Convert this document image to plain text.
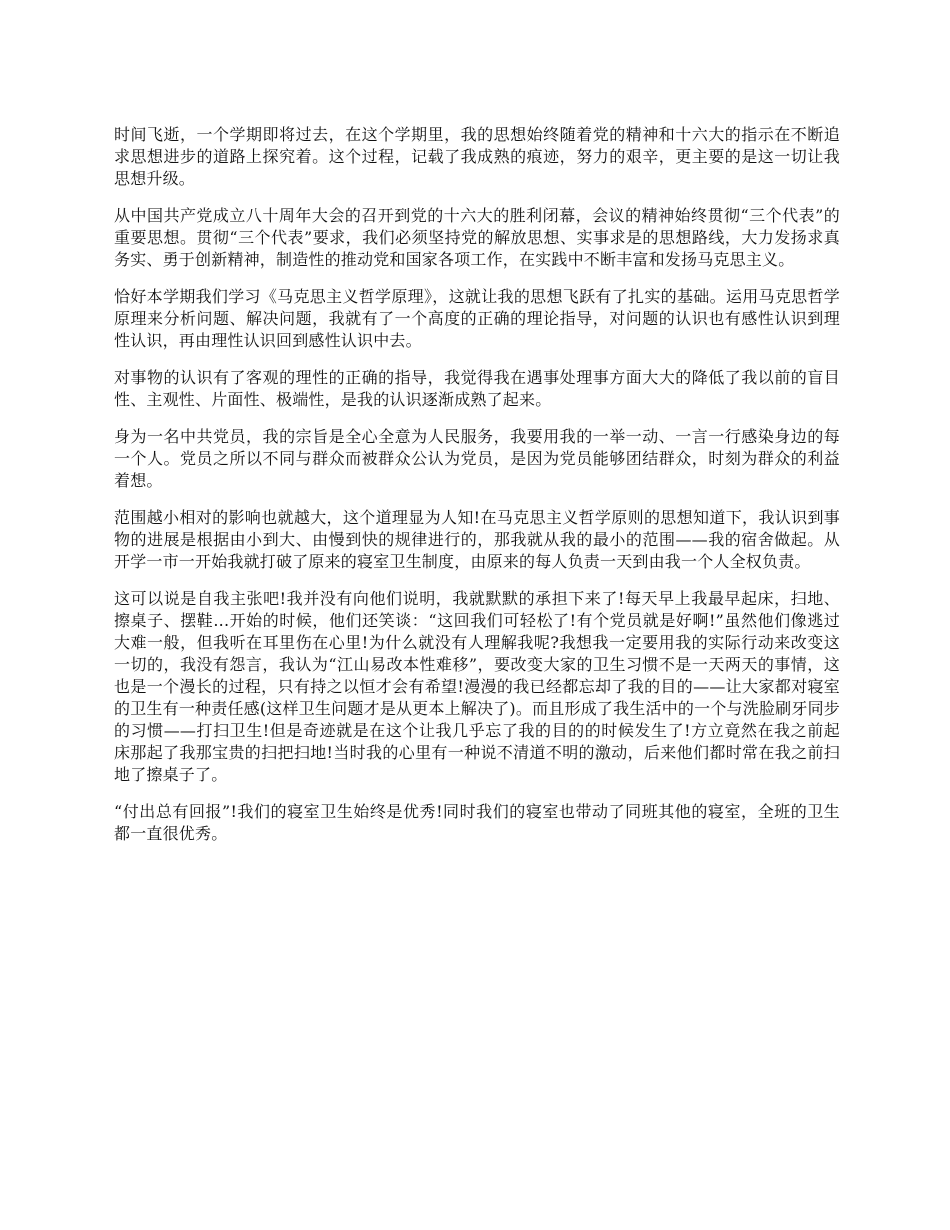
时间飞逝，一个学期即将过去，在这个学期里，我的思想始终随着党的精神和十六大的指示在不断追求思想进步的道路上探究着。这个过程，记载了我成熟的痕迹，努力的艰辛，更主要的是这一切让我思想升级。

从中国共产党成立八十周年大会的召开到党的十六大的胜利闭幕，会议的精神始终贯彻“三个代表”的重要思想。贯彻“三个代表”要求，我们必须坚持党的解放思想、实事求是的思想路线，大力发扬求真务实、勇于创新精神，制造性的推动党和国家各项工作，在实践中不断丰富和发扬马克思主义。

恰好本学期我们学习《马克思主义哲学原理》，这就让我的思想飞跃有了扎实的基础。运用马克思哲学原理来分析问题、解决问题，我就有了一个高度的正确的理论指导，对问题的认识也有感性认识到理性认识，再由理性认识回到感性认识中去。

对事物的认识有了客观的理性的正确的指导，我觉得我在遇事处理事方面大大的降低了我以前的盲目性、主观性、片面性、极端性，是我的认识逐渐成熟了起来。

身为一名中共党员，我的宗旨是全心全意为人民服务，我要用我的一举一动、一言一行感染身边的每一个人。党员之所以不同与群众而被群众公认为党员，是因为党员能够团结群众，时刻为群众的利益着想。

范围越小相对的影响也就越大，这个道理显为人知!在马克思主义哲学原则的思想知道下，我认识到事物的进展是根据由小到大、由慢到快的规律进行的，那我就从我的最小的范围——我的宿舍做起。从开学一市一开始我就打破了原来的寝室卫生制度，由原来的每人负责一天到由我一个人全权负责。

这可以说是自我主张吧!我并没有向他们说明，我就默默的承担下来了!每天早上我最早起床，扫地、擦桌子、摆鞋...开始的时候，他们还笑谈：“这回我们可轻松了!有个党员就是好啊!”虽然他们像逃过大难一般，但我听在耳里伤在心里!为什么就没有人理解我呢?我想我一定要用我的实际行动来改变这一切的，我没有怨言，我认为“江山易改本性难移”，要改变大家的卫生习惯不是一天两天的事情，这也是一个漫长的过程，只有持之以恒才会有希望!漫漫的我已经都忘却了我的目的——让大家都对寝室的卫生有一种责任感(这样卫生问题才是从更本上解决了)。而且形成了我生活中的一个与洗脸刷牙同步的习惯——打扫卫生!但是奇迹就是在这个让我几乎忘了我的目的的时候发生了!方立竟然在我之前起床那起了我那宝贵的扫把扫地!当时我的心里有一种说不清道不明的激动，后来他们都时常在我之前扫地了擦桌子了。

“付出总有回报”!我们的寝室卫生始终是优秀!同时我们的寝室也带动了同班其他的寝室，全班的卫生都一直很优秀。
